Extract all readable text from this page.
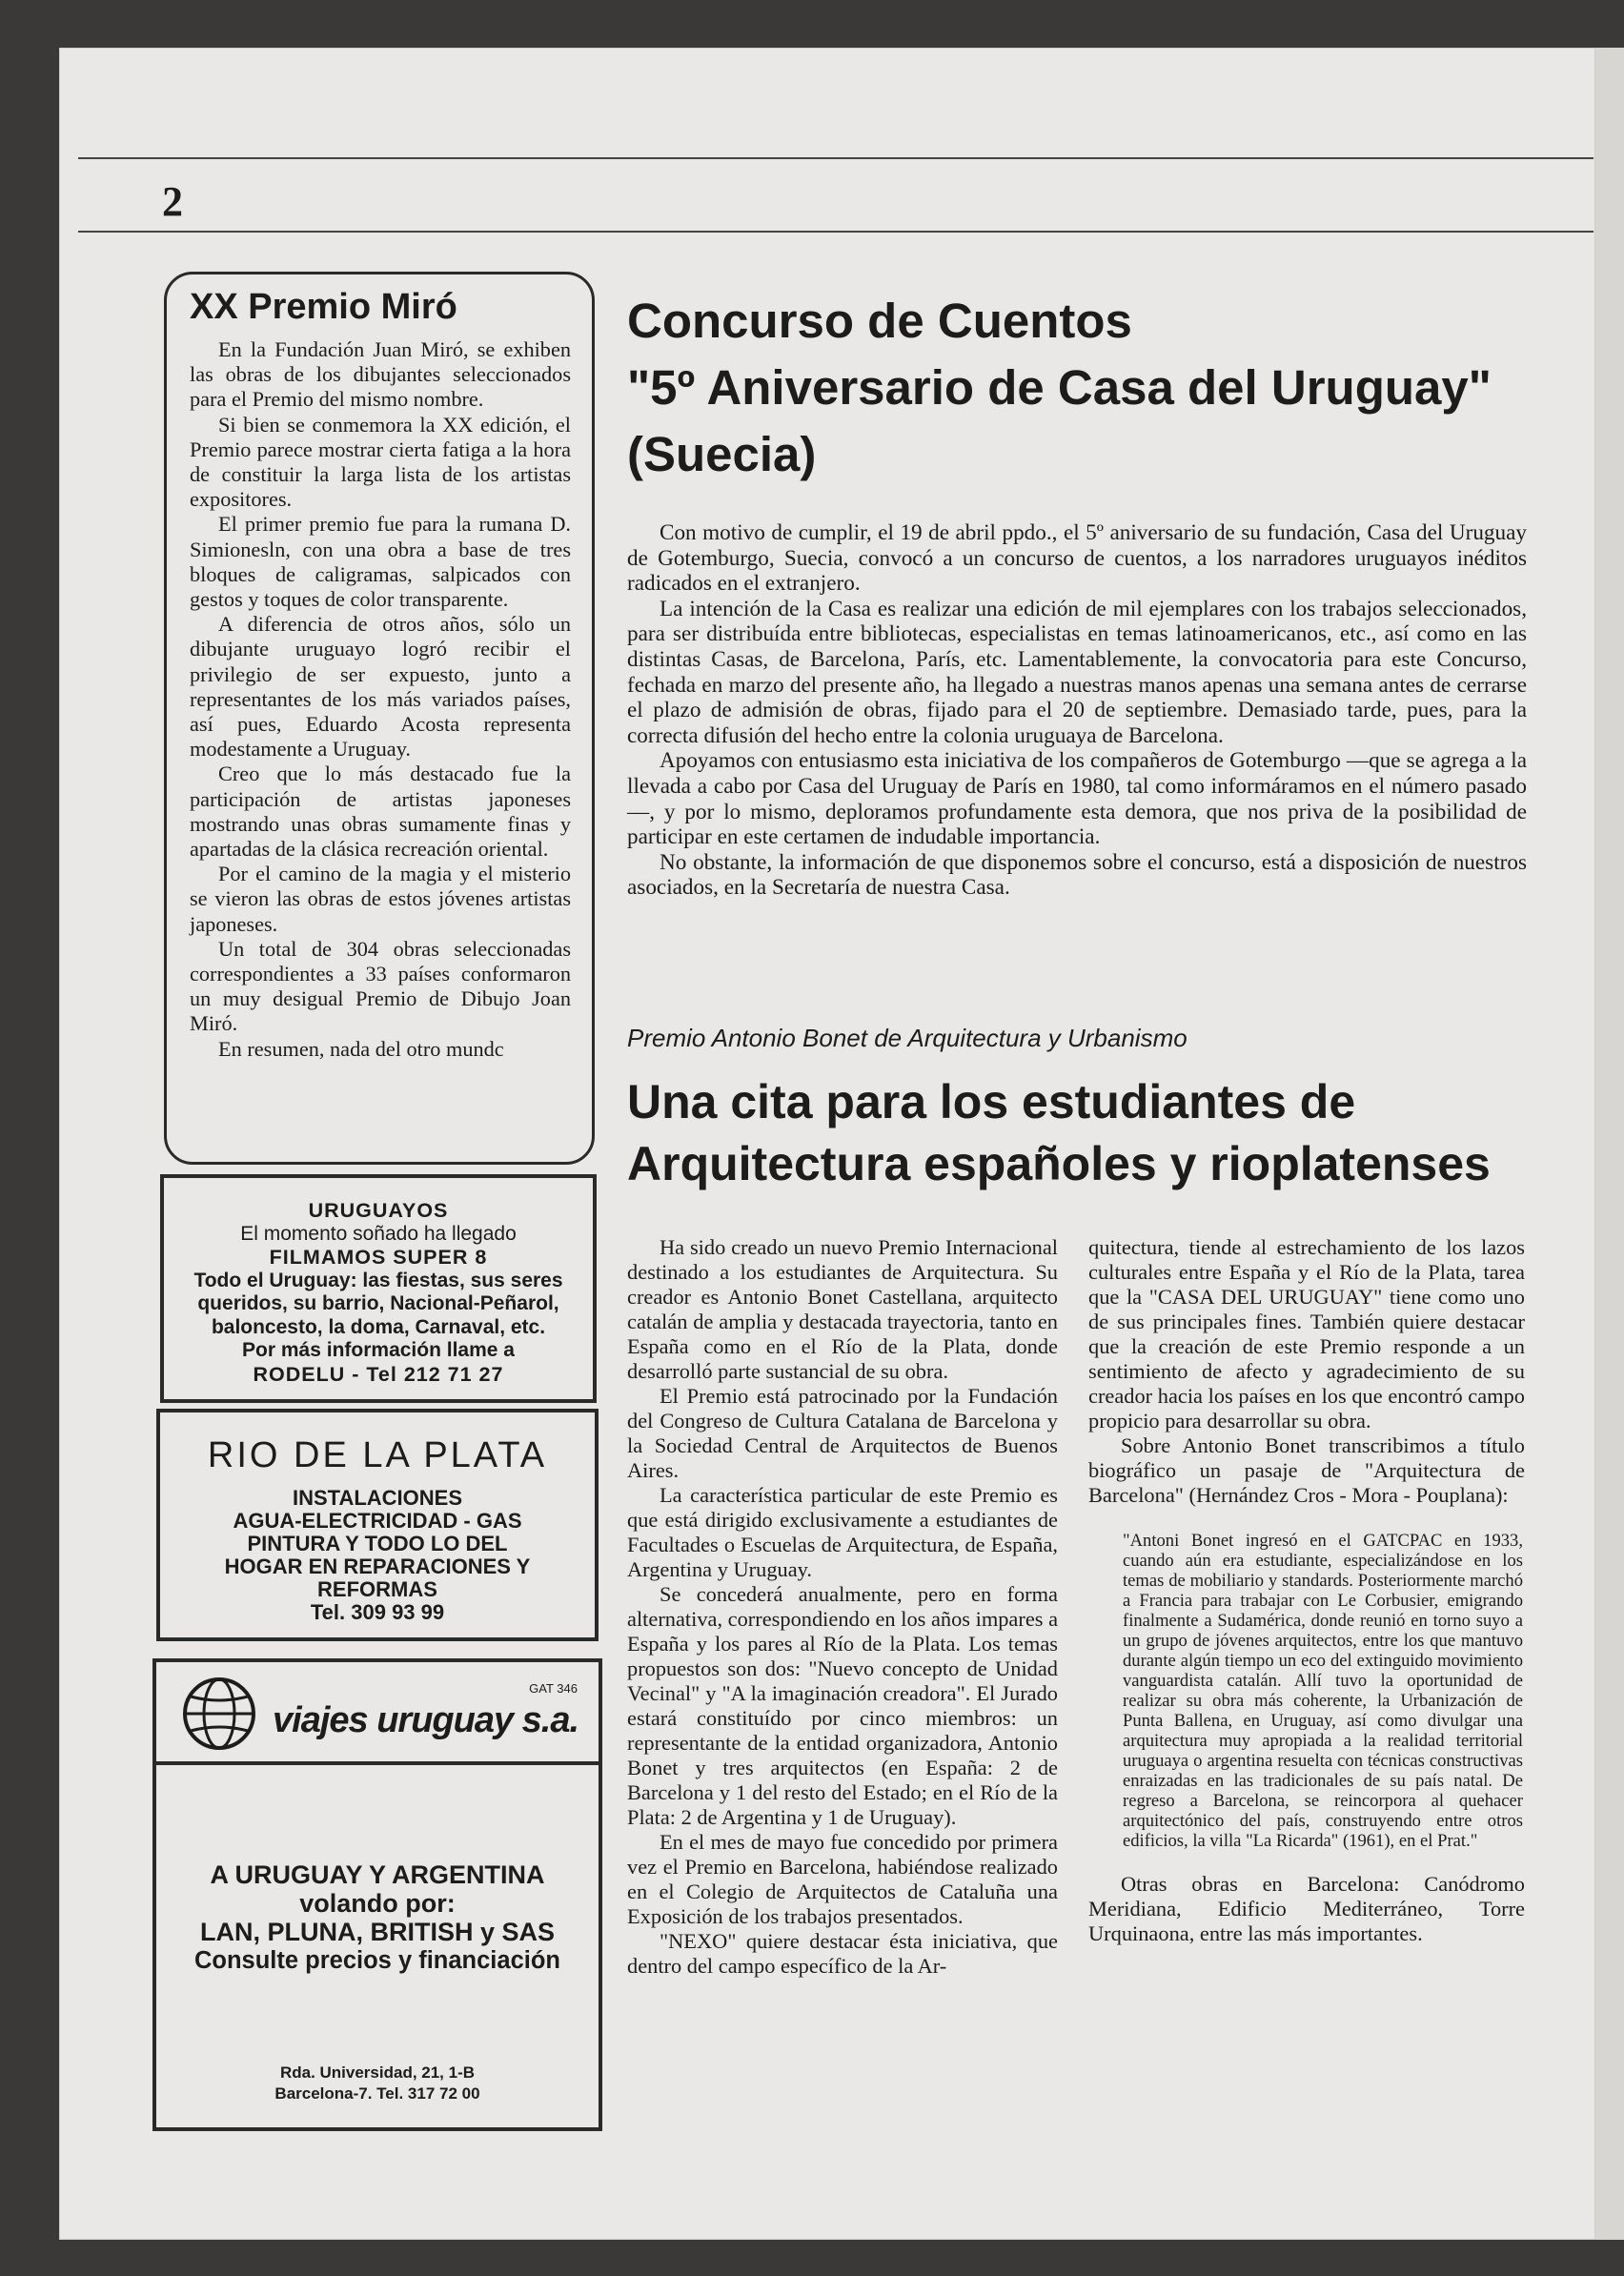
2
XX Premio Miró

En la Fundación Juan Miró, se exhiben las obras de los dibujantes seleccionados para el Premio del mismo nombre.

Si bien se conmemora la XX edición, el Premio parece mostrar cierta fatiga a la hora de constituir la larga lista de los artistas expositores.

El primer premio fue para la rumana D. Simionesln, con una obra a base de tres bloques de caligramas, salpicados con gestos y toques de color transparente.

A diferencia de otros años, sólo un dibujante uruguayo logró recibir el privilegio de ser expuesto, junto a representantes de los más variados países, así pues, Eduardo Acosta representa modestamente a Uruguay.

Creo que lo más destacado fue la participación de artistas japoneses mostrando unas obras sumamente finas y apartadas de la clásica recreación oriental.

Por el camino de la magia y el misterio se vieron las obras de estos jóvenes artistas japoneses.

Un total de 304 obras seleccionadas correspondientes a 33 países conformaron un muy desigual Premio de Dibujo Joan Miró.

En resumen, nada del otro mundc

URUGUAYOS
El momento soñado ha llegado
FILMAMOS SUPER 8
Todo el Uruguay: las fiestas, sus seres
queridos, su barrio, Nacional-Peñarol,
baloncesto, la doma, Carnaval, etc.
Por más información llame a
RODELU - Tel 212 71 27
RIO DE LA PLATA
INSTALACIONES
AGUA-ELECTRICIDAD - GAS
PINTURA Y TODO LO DEL
HOGAR EN REPARACIONES Y
REFORMAS
Tel. 309 93 99
GAT 346
viajes uruguay s.a.
A URUGUAY Y ARGENTINA
volando por:
LAN, PLUNA, BRITISH y SAS
Consulte precios y financiación
Rda. Universidad, 21, 1-B
Barcelona-7. Tel. 317 72 00
Concurso de Cuentos
"5º Aniversario de Casa del Uruguay"
(Suecia)

Con motivo de cumplir, el 19 de abril ppdo., el 5º aniversario de su fundación, Casa del Uruguay de Gotemburgo, Suecia, convocó a un concurso de cuentos, a los narradores uruguayos inéditos radicados en el extranjero.

La intención de la Casa es realizar una edición de mil ejemplares con los trabajos seleccionados, para ser distribuída entre bibliotecas, especialistas en temas latinoamericanos, etc., así como en las distintas Casas, de Barcelona, París, etc. Lamentablemente, la convocatoria para este Concurso, fechada en marzo del presente año, ha llegado a nuestras manos apenas una semana antes de cerrarse el plazo de admisión de obras, fijado para el 20 de septiembre. Demasiado tarde, pues, para la correcta difusión del hecho entre la colonia uruguaya de Barcelona.

Apoyamos con entusiasmo esta iniciativa de los compañeros de Gotemburgo —que se agrega a la llevada a cabo por Casa del Uruguay de París en 1980, tal como informáramos en el número pasado—, y por lo mismo, deploramos profundamente esta demora, que nos priva de la posibilidad de participar en este certamen de indudable importancia.

No obstante, la información de que disponemos sobre el concurso, está a disposición de nuestros asociados, en la Secretaría de nuestra Casa.

Premio Antonio Bonet de Arquitectura y Urbanismo
Una cita para los estudiantes de
Arquitectura españoles y rioplatenses

Ha sido creado un nuevo Premio Internacional destinado a los estudiantes de Arquitectura. Su creador es Antonio Bonet Castellana, arquitecto catalán de amplia y destacada trayectoria, tanto en España como en el Río de la Plata, donde desarrolló parte sustancial de su obra.

El Premio está patrocinado por la Fundación del Congreso de Cultura Catalana de Barcelona y la Sociedad Central de Arquitectos de Buenos Aires.

La característica particular de este Premio es que está dirigido exclusivamente a estudiantes de Facultades o Escuelas de Arquitectura, de España, Argentina y Uruguay.

Se concederá anualmente, pero en forma alternativa, correspondiendo en los años impares a España y los pares al Río de la Plata. Los temas propuestos son dos: "Nuevo concepto de Unidad Vecinal" y "A la imaginación creadora". El Jurado estará constituído por cinco miembros: un representante de la entidad organizadora, Antonio Bonet y tres arquitectos (en España: 2 de Barcelona y 1 del resto del Estado; en el Río de la Plata: 2 de Argentina y 1 de Uruguay).

En el mes de mayo fue concedido por primera vez el Premio en Barcelona, habiéndose realizado en el Colegio de Arquitectos de Cataluña una Exposición de los trabajos presentados.

"NEXO" quiere destacar ésta iniciativa, que dentro del campo específico de la Ar-

quitectura, tiende al estrechamiento de los lazos culturales entre España y el Río de la Plata, tarea que la "CASA DEL URUGUAY" tiene como uno de sus principales fines. También quiere destacar que la creación de este Premio responde a un sentimiento de afecto y agradecimiento de su creador hacia los países en los que encontró campo propicio para desarrollar su obra.

Sobre Antonio Bonet transcribimos a título biográfico un pasaje de "Arquitectura de Barcelona" (Hernández Cros - Mora - Pouplana):

"Antoni Bonet ingresó en el GATCPAC en 1933, cuando aún era estudiante, especializándose en los temas de mobiliario y standards. Posteriormente marchó a Francia para trabajar con Le Corbusier, emigrando finalmente a Sudamérica, donde reunió en torno suyo a un grupo de jóvenes arquitectos, entre los que mantuvo durante algún tiempo un eco del extinguido movimiento vanguardista catalán. Allí tuvo la oportunidad de realizar su obra más coherente, la Urbanización de Punta Ballena, en Uruguay, así como divulgar una arquitectura muy apropiada a la realidad territorial uruguaya o argentina resuelta con técnicas constructivas enraizadas en las tradicionales de su país natal. De regreso a Barcelona, se reincorpora al quehacer arquitectónico del país, construyendo entre otros edificios, la villa "La Ricarda" (1961), en el Prat."

Otras obras en Barcelona: Canódromo Meridiana, Edificio Mediterráneo, Torre Urquinaona, entre las más importantes.
